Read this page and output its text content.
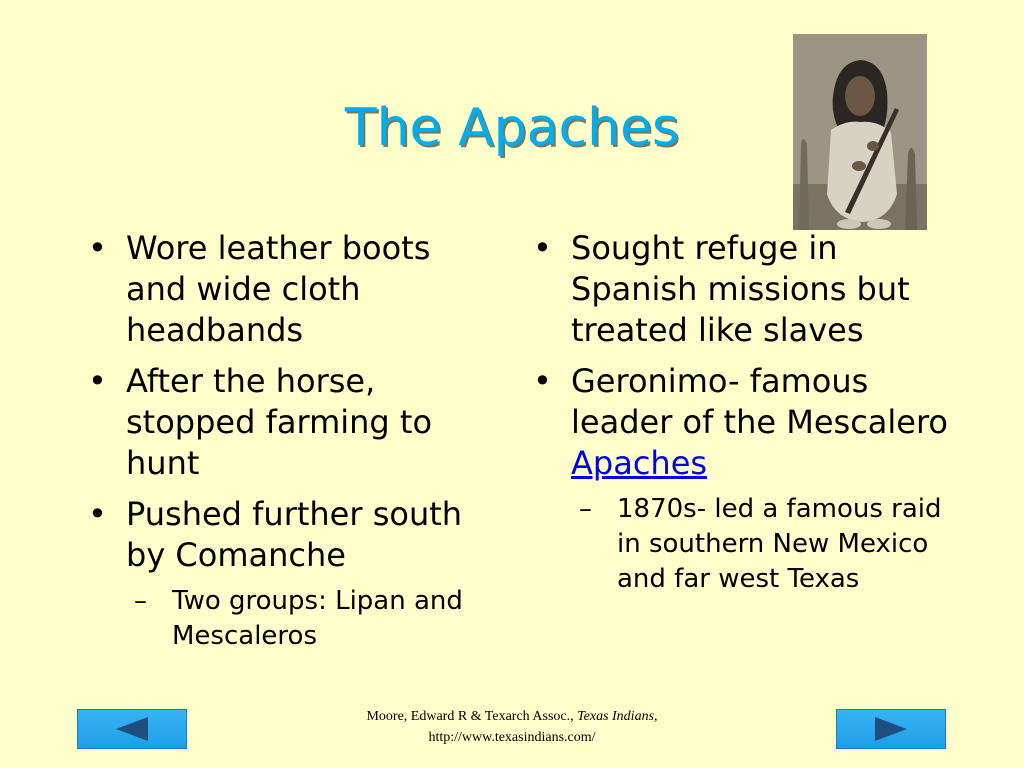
The Apaches
• Wore leather boots and wide cloth headbands
• After the horse, stopped farming to hunt
• Pushed further south by Comanche
– Two groups: Lipan and Mescaleros
• Sought refuge in Spanish missions but treated like slaves
• Geronimo- famous leader of the Mescalero Apaches
– 1870s- led a famous raid in southern New Mexico and far west Texas
Moore, Edward R & Texarch Assoc., Texas Indians, http://www.texasindians.com/
